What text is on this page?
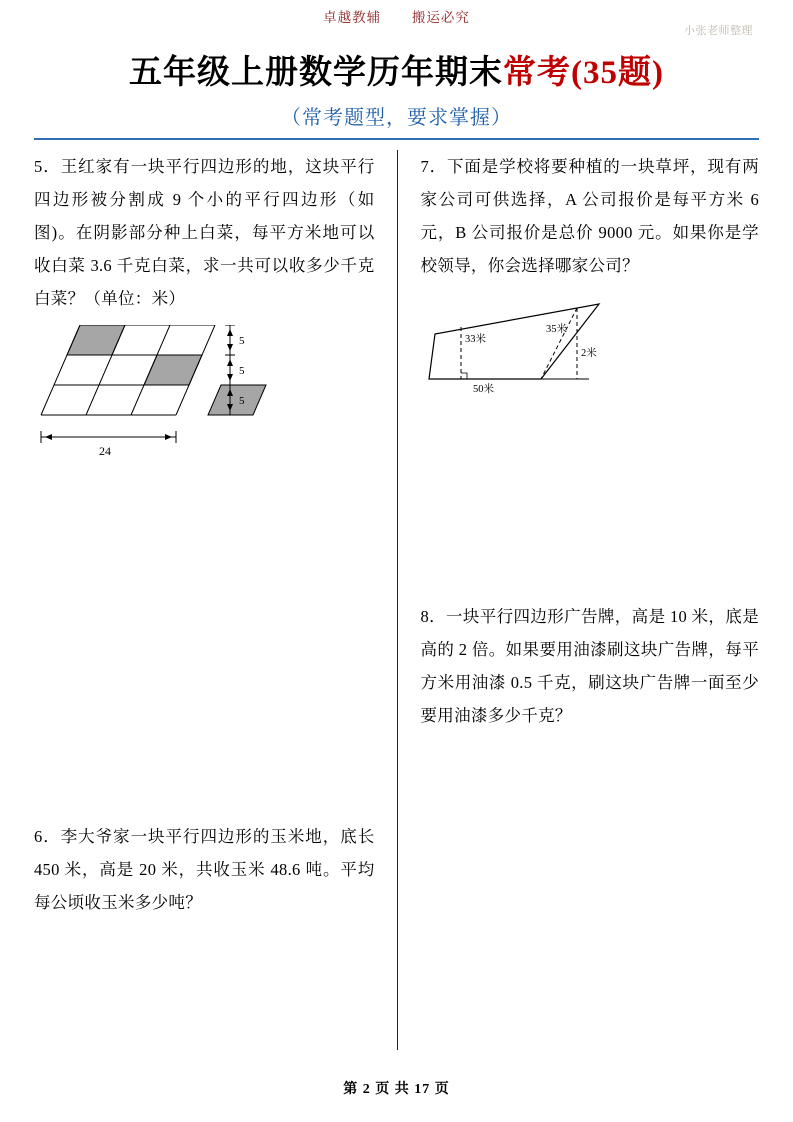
卓越教辅 搬运必究
小张老师整理
五年级上册数学历年期末常考(35题)
（常考题型，要求掌握）
5．王红家有一块平行四边形的地，这块平行四边形被分割成 9 个小的平行四边形（如图)。在阴影部分种上白菜，每平方米地可以收白菜 3.6 千克白菜，求一共可以收多少千克白菜？（单位：米）
5
5
5
24
6．李大爷家一块平行四边形的玉米地，底长 450 米，高是 20 米，共收玉米 48.6 吨。平均每公顷收玉米多少吨？
7．下面是学校将要种植的一块草坪，现有两家公司可供选择，A 公司报价是每平方米 6 元，B 公司报价是总价 9000 元。如果你是学校领导，你会选择哪家公司？
33米
35米
2米
50米
8．一块平行四边形广告牌，高是 10 米，底是高的 2 倍。如果要用油漆刷这块广告牌，每平方米用油漆 0.5 千克，刷这块广告牌一面至少要用油漆多少千克？
第 2 页 共 17 页
